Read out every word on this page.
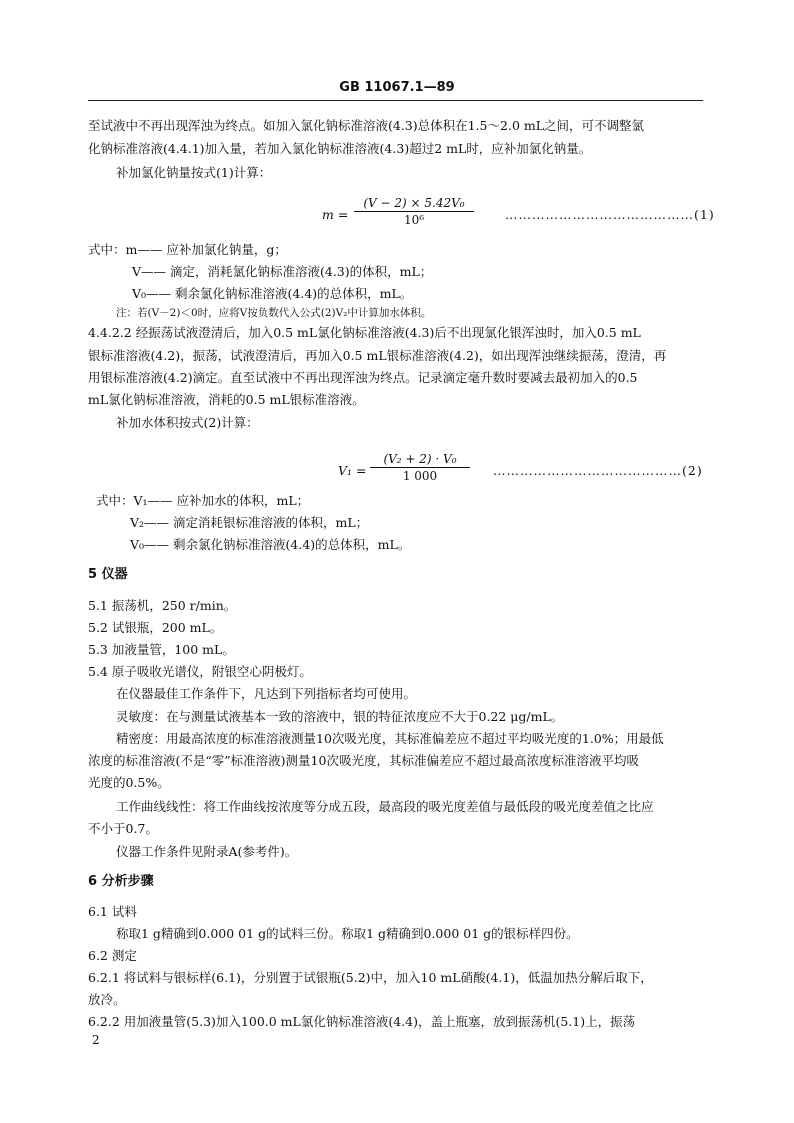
GB 11067.1—89
至试液中不再出现浑浊为终点。如加入氯化钠标准溶液(4.3)总体积在1.5～2.0 mL之间，可不调整氯
化钠标准溶液(4.4.1)加入量，若加入氯化钠标准溶液(4.3)超过2 mL时，应补加氯化钠量。
补加氯化钠量按式(1)计算：
$m = \frac{\text{(V − 2) × 5.42V₀}}{\text{10⁶}}$ ……………………………………(1)
式中：m—— 应补加氯化钠量，g；
V—— 滴定，消耗氯化钠标准溶液(4.3)的体积，mL；
V₀—— 剩余氯化钠标准溶液(4.4)的总体积，mL。
注：若(V－2)＜0时，应将V按负数代入公式(2)V₂中计算加水体积。
4.4.2.2 经振荡试液澄清后，加入0.5 mL氯化钠标准溶液(4.3)后不出现氯化银浑浊时，加入0.5 mL
银标准溶液(4.2)，振荡，试液澄清后，再加入0.5 mL银标准溶液(4.2)，如出现浑浊继续振荡，澄清，再
用银标准溶液(4.2)滴定。直至试液中不再出现浑浊为终点。记录滴定毫升数时要减去最初加入的0.5
mL氯化钠标准溶液，消耗的0.5 mL银标准溶液。
补加水体积按式(2)计算：
$V_1 = \frac{\text{(V₂ + 2) · V₀}}{1 000}$ ……………………………………(2)
式中：V₁—— 应补加水的体积，mL；
V₂—— 滴定消耗银标准溶液的体积，mL；
V₀—— 剩余氯化钠标准溶液(4.4)的总体积，mL。
5 仪器
5.1 振荡机，250 r/min。
5.2 试银瓶，200 mL。
5.3 加液量管，100 mL。
5.4 原子吸收光谱仪，附银空心阴极灯。
在仪器最佳工作条件下，凡达到下列指标者均可使用。
灵敏度：在与测量试液基本一致的溶液中，银的特征浓度应不大于0.22 μg/mL。
精密度：用最高浓度的标准溶液测量10次吸光度，其标准偏差应不超过平均吸光度的1.0%；用最低
浓度的标准溶液(不是“零”标准溶液)测量10次吸光度，其标准偏差应不超过最高浓度标准溶液平均吸
光度的0.5%。
工作曲线线性：将工作曲线按浓度等分成五段，最高段的吸光度差值与最低段的吸光度差值之比应
不小于0.7。
仪器工作条件见附录A(参考件)。
6 分析步骤
6.1 试料
称取1 g精确到0.000 01 g的试料三份。称取1 g精确到0.000 01 g的银标样四份。
6.2 测定
6.2.1 将试料与银标样(6.1)，分别置于试银瓶(5.2)中，加入10 mL硝酸(4.1)，低温加热分解后取下，
放冷。
6.2.2 用加液量管(5.3)加入100.0 mL氯化钠标准溶液(4.4)，盖上瓶塞，放到振荡机(5.1)上，振荡
2
